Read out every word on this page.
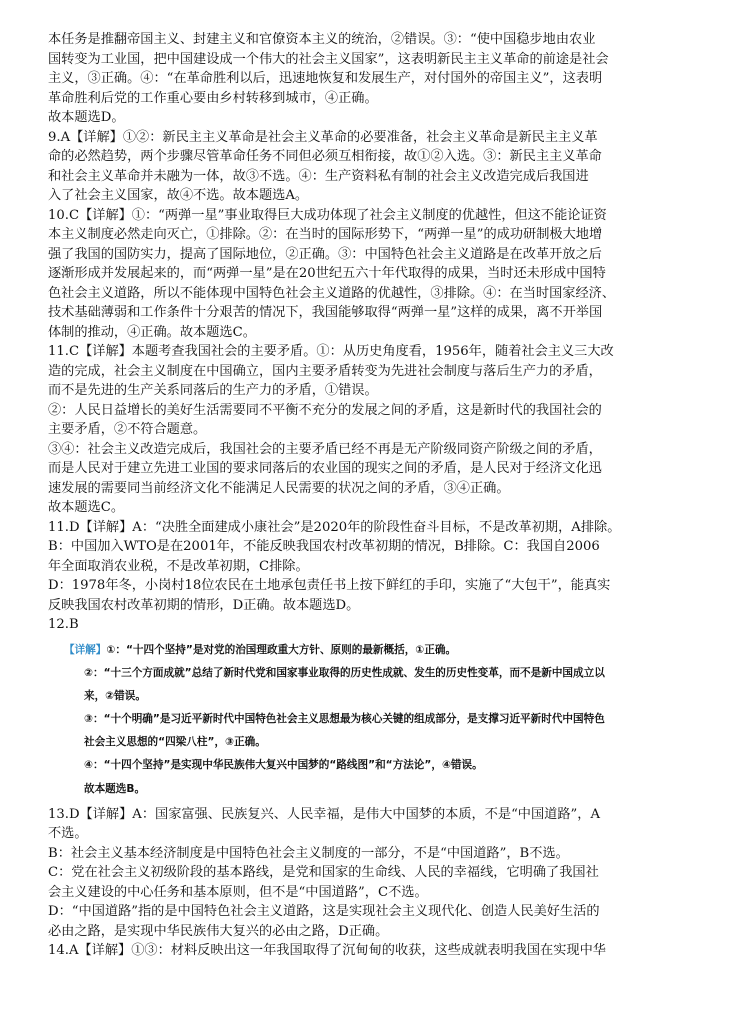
本任务是推翻帝国主义、封建主义和官僚资本主义的统治，②错误。③：“使中国稳步地由农业
国转变为工业国，把中国建设成一个伟大的社会主义国家”，这表明新民主主义革命的前途是社会
主义，③正确。④：“在革命胜利以后，迅速地恢复和发展生产，对付国外的帝国主义”，这表明
革命胜利后党的工作重心要由乡村转移到城市，④正确。
故本题选D。
9.A【详解】①②：新民主主义革命是社会主义革命的必要准备，社会主义革命是新民主主义革
命的必然趋势，两个步骤尽管革命任务不同但必须互相衔接，故①②入选。③：新民主主义革命
和社会主义革命并未融为一体，故③不选。④：生产资料私有制的社会主义改造完成后我国进
入了社会主义国家，故④不选。故本题选A。
10.C【详解】①：“两弹一星”事业取得巨大成功体现了社会主义制度的优越性，但这不能论证资
本主义制度必然走向灭亡，①排除。②：在当时的国际形势下，“两弹一星”的成功研制极大地增
强了我国的国防实力，提高了国际地位，②正确。③：中国特色社会主义道路是在改革开放之后
逐渐形成并发展起来的，而“两弹一星”是在20世纪五六十年代取得的成果，当时还未形成中国特
色社会主义道路，所以不能体现中国特色社会主义道路的优越性，③排除。④：在当时国家经济、
技术基础薄弱和工作条件十分艰苦的情况下，我国能够取得“两弹一星”这样的成果，离不开举国
体制的推动，④正确。故本题选C。
11.C【详解】本题考查我国社会的主要矛盾。①：从历史角度看，1956年，随着社会主义三大改
造的完成，社会主义制度在中国确立，国内主要矛盾转变为先进社会制度与落后生产力的矛盾，
而不是先进的生产关系同落后的生产力的矛盾，①错误。
②：人民日益增长的美好生活需要同不平衡不充分的发展之间的矛盾，这是新时代的我国社会的
主要矛盾，②不符合题意。
③④：社会主义改造完成后，我国社会的主要矛盾已经不再是无产阶级同资产阶级之间的矛盾，
而是人民对于建立先进工业国的要求同落后的农业国的现实之间的矛盾，是人民对于经济文化迅
速发展的需要同当前经济文化不能满足人民需要的状况之间的矛盾，③④正确。
故本题选C。
11.D【详解】A：“决胜全面建成小康社会”是2020年的阶段性奋斗目标，不是改革初期，A排除。
B：中国加入WTO是在2001年，不能反映我国农村改革初期的情况，B排除。C：我国自2006
年全面取消农业税，不是改革初期，C排除。
D：1978年冬，小岗村18位农民在土地承包责任书上按下鲜红的手印，实施了“大包干”，能真实
反映我国农村改革初期的情形，D正确。故本题选D。
12.B
【详解】①：“十四个坚持”是对党的治国理政重大方针、原则的最新概括，①正确。
②：“十三个方面成就”总结了新时代党和国家事业取得的历史性成就、发生的历史性变革，而不是新中国成立以
来，②错误。
③：“十个明确”是习近平新时代中国特色社会主义思想最为核心关键的组成部分，是支撑习近平新时代中国特色
社会主义思想的“四梁八柱”，③正确。
④：“十四个坚持”是实现中华民族伟大复兴中国梦的“路线图”和“方法论”，④错误。
故本题选B。
13.D【详解】A：国家富强、民族复兴、人民幸福，是伟大中国梦的本质，不是“中国道路”，A
不选。
B：社会主义基本经济制度是中国特色社会主义制度的一部分，不是“中国道路”，B不选。
C：党在社会主义初级阶段的基本路线，是党和国家的生命线、人民的幸福线，它明确了我国社
会主义建设的中心任务和基本原则，但不是“中国道路”，C不选。
D：“中国道路”指的是中国特色社会主义道路，这是实现社会主义现代化、创造人民美好生活的
必由之路，是实现中华民族伟大复兴的必由之路，D正确。
14.A【详解】①③：材料反映出这一年我国取得了沉甸甸的收获，这些成就表明我国在实现中华
